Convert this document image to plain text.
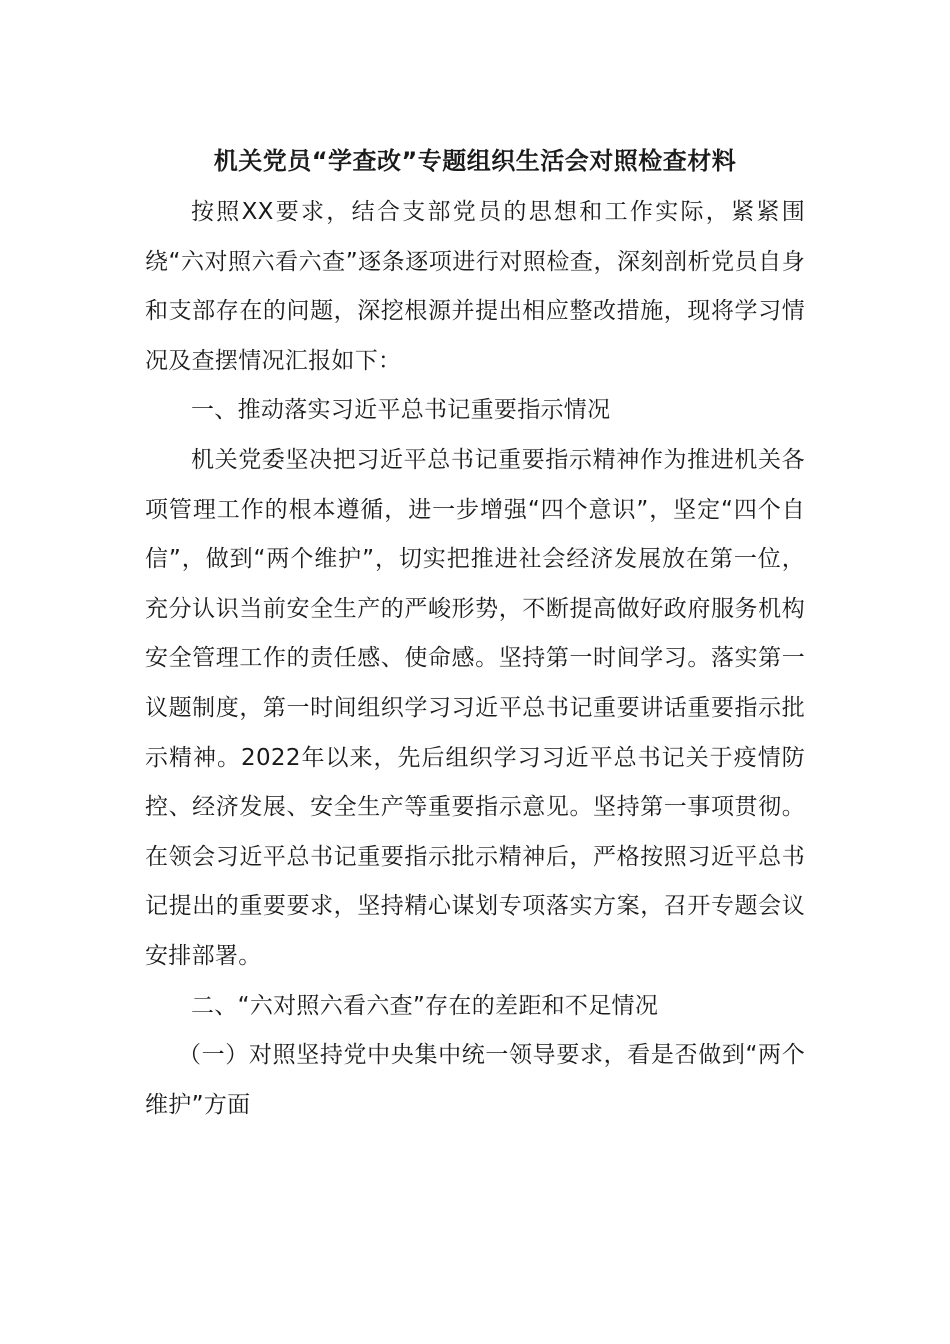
机关党员“学查改”专题组织生活会对照检查材料

按照XX要求，结合支部党员的思想和工作实际，紧紧围绕“六对照六看六查”逐条逐项进行对照检查，深刻剖析党员自身和支部存在的问题，深挖根源并提出相应整改措施，现将学习情况及查摆情况汇报如下：

一、推动落实习近平总书记重要指示情况

机关党委坚决把习近平总书记重要指示精神作为推进机关各项管理工作的根本遵循，进一步增强“四个意识”，坚定“四个自信”，做到“两个维护”，切实把推进社会经济发展放在第一位，充分认识当前安全生产的严峻形势，不断提高做好政府服务机构安全管理工作的责任感、使命感。坚持第一时间学习。落实第一议题制度，第一时间组织学习习近平总书记重要讲话重要指示批示精神。2022年以来，先后组织学习习近平总书记关于疫情防控、经济发展、安全生产等重要指示意见。坚持第一事项贯彻。在领会习近平总书记重要指示批示精神后，严格按照习近平总书记提出的重要要求，坚持精心谋划专项落实方案，召开专题会议安排部署。

二、“六对照六看六查”存在的差距和不足情况

（一）对照坚持党中央集中统一领导要求，看是否做到“两个维护”方面
